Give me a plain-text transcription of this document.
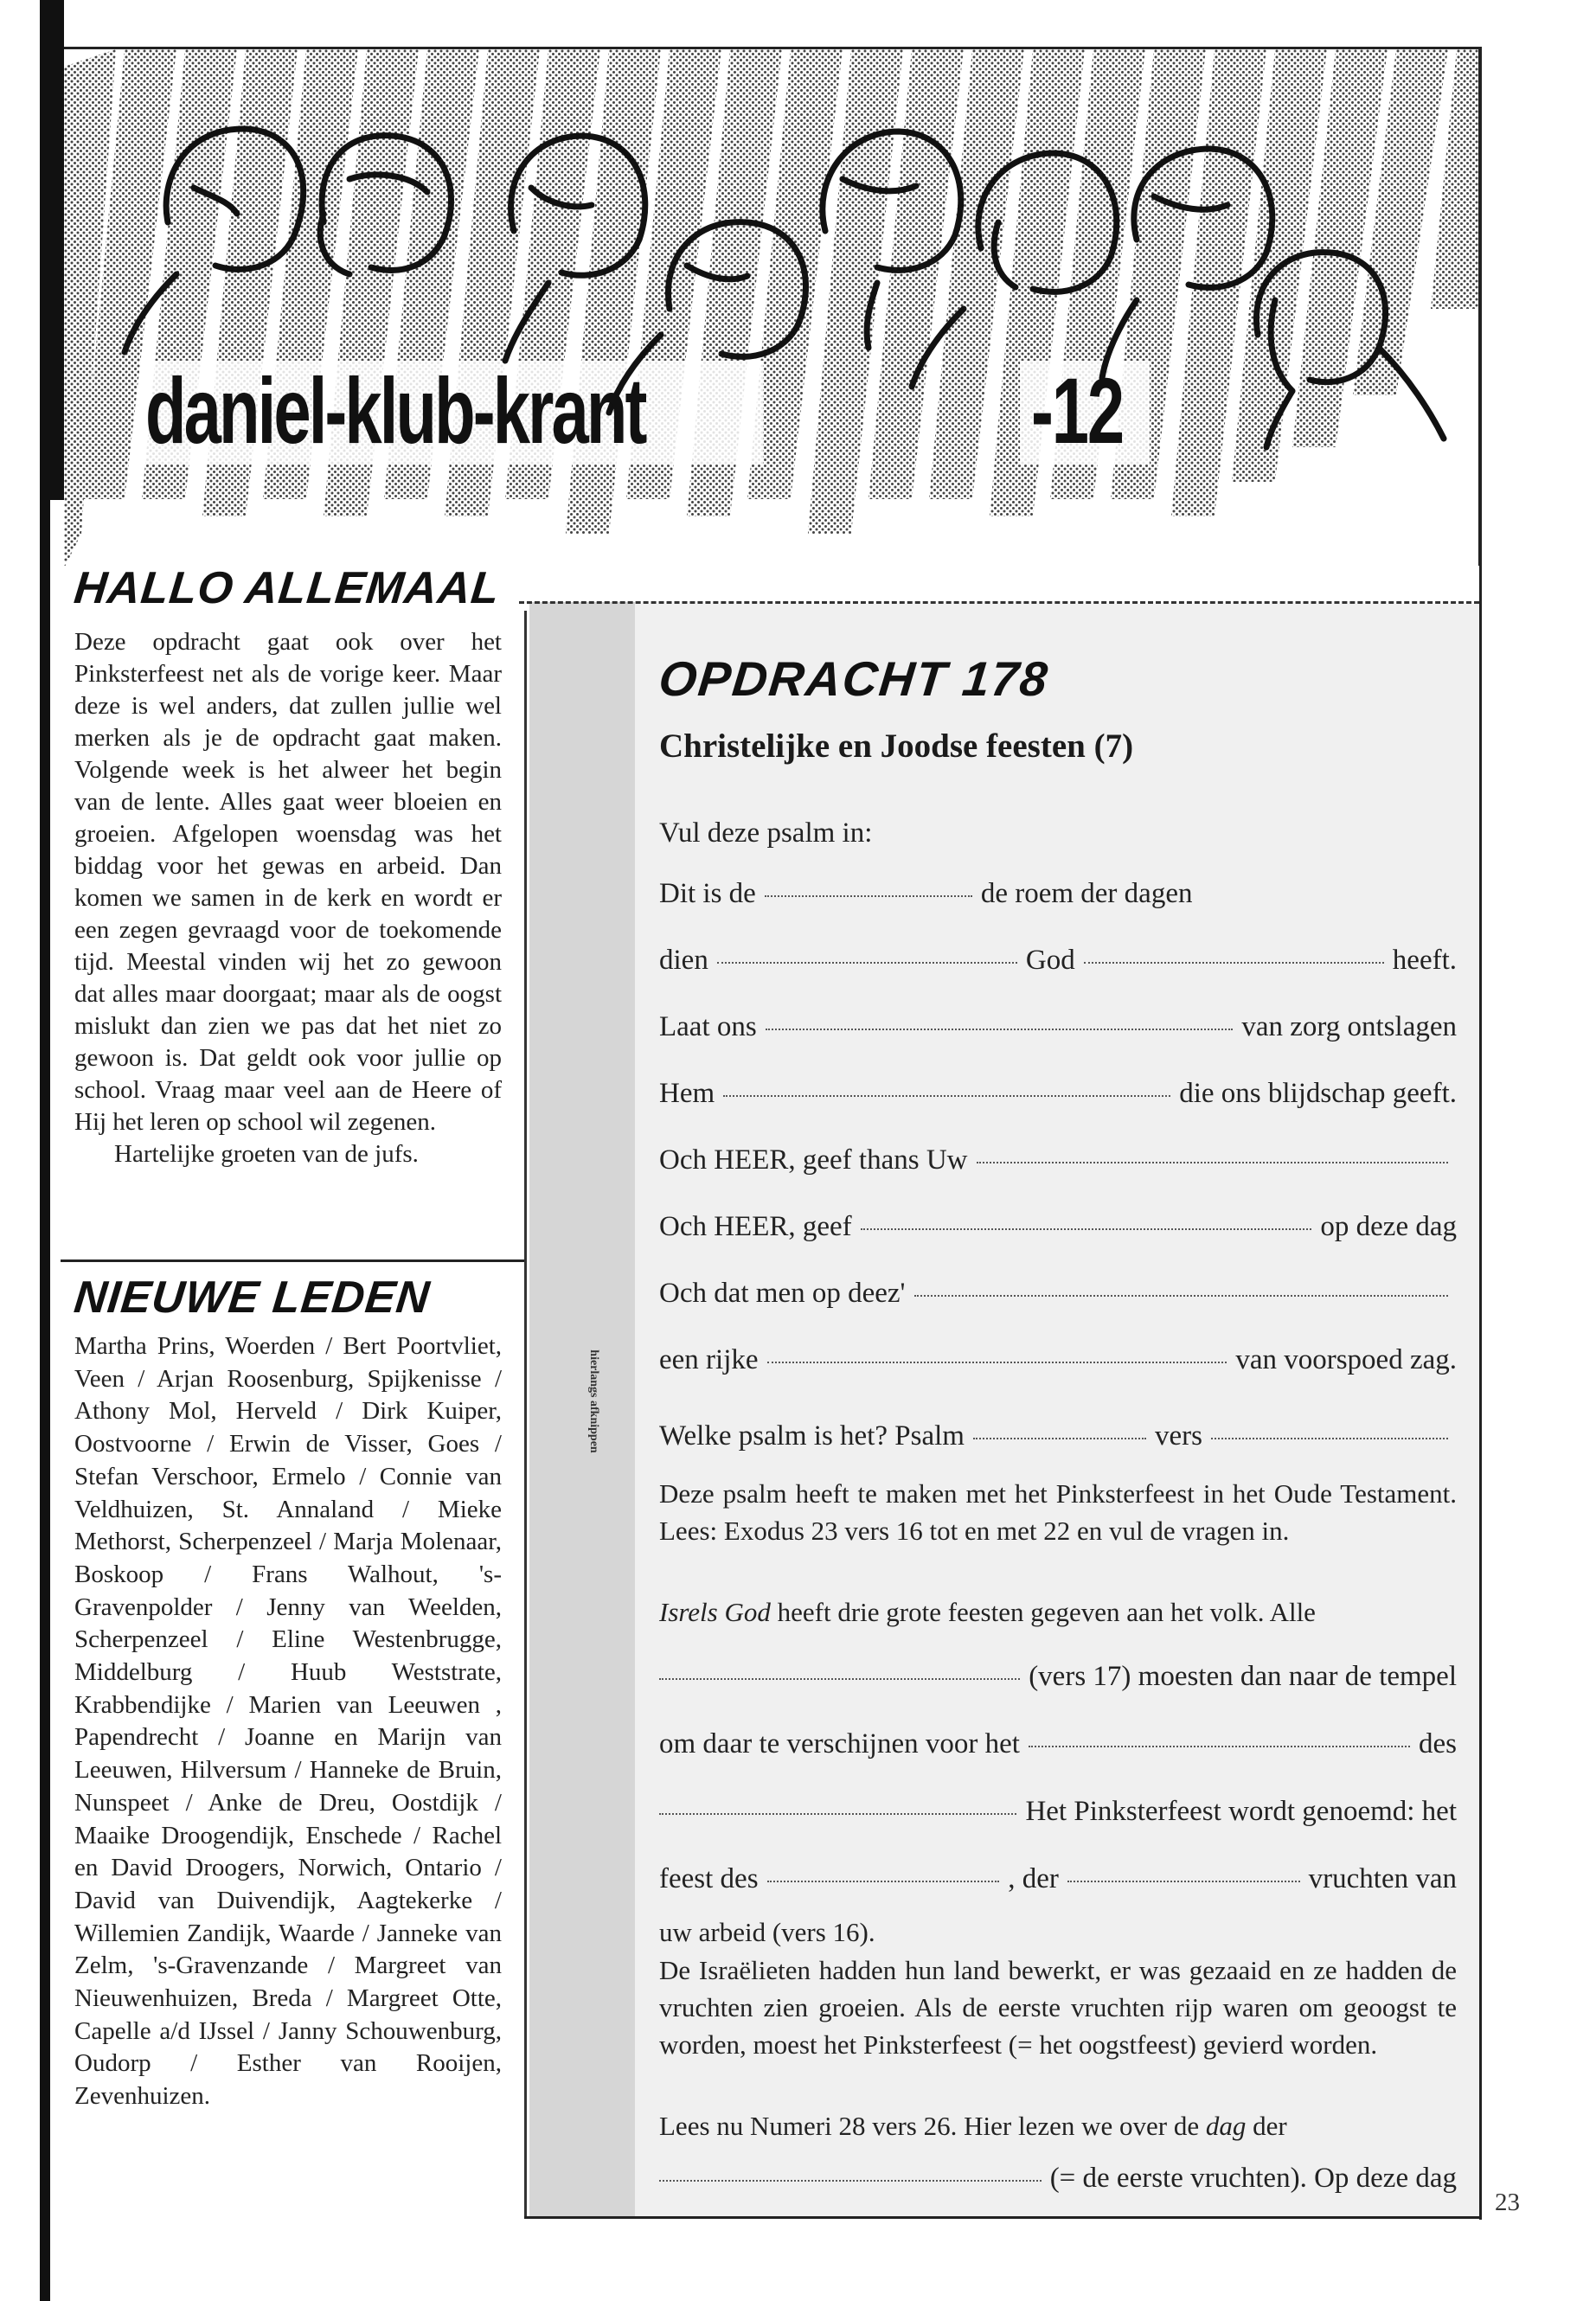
daniel-klub-krant	-12

HALLO ALLEMAAL

Deze opdracht gaat ook over het Pinksterfeest net als de vorige keer. Maar deze is wel anders, dat zullen jullie wel merken als je de opdracht gaat maken. Volgende week is het alweer het begin van de lente. Alles gaat weer bloeien en groeien. Afgelopen woensdag was het biddag voor het gewas en arbeid. Dan komen we samen in de kerk en wordt er een zegen gevraagd voor de toekomende tijd. Meestal vinden wij het zo gewoon dat alles maar doorgaat; maar als de oogst mislukt dan zien we pas dat het niet zo gewoon is. Dat geldt ook voor jullie op school. Vraag maar veel aan de Heere of Hij het leren op school wil zegenen.

Hartelijke groeten van de jufs.

NIEUWE LEDEN

Martha Prins, Woerden / Bert Poortvliet, Veen / Arjan Roosenburg, Spijkenisse / Athony Mol, Herveld / Dirk Kuiper, Oostvoorne / Erwin de Visser, Goes / Stefan Verschoor, Ermelo / Connie van Veldhuizen, St. Annaland / Mieke Methorst, Scherpenzeel / Marja Molenaar, Boskoop / Frans Walhout, 's-Gravenpolder / Jenny van Weelden, Scherpenzeel / Eline Westenbrugge, Middelburg / Huub Weststrate, Krabbendijke / Marien van Leeuwen , Papendrecht / Joanne en Marijn van Leeuwen, Hilversum / Hanneke de Bruin, Nunspeet / Anke de Dreu, Oostdijk / Maaike Droogendijk, Enschede / Rachel en David Droogers, Norwich, Ontario / David van Duivendijk, Aagtekerke / Willemien Zandijk, Waarde / Janneke van Zelm, 's-Gravenzande / Margreet van Nieuwenhuizen, Breda / Margreet Otte, Capelle a/d IJssel / Janny Schouwenburg, Oudorp / Esther van Rooijen, Zevenhuizen.

hierlangs afknippen
OPDRACHT 178

Christelijke en Joodse feesten (7)

Vul deze psalm in:

Dit is de	de roem der dagen
dien	God	heeft.
Laat ons	van zorg ontslagen
Hem	die ons blijdschap geeft.
Och HEER, geef thans Uw
Och HEER, geef	op deze dag
Och dat men op deez'
een rijke	van voorspoed zag.
Welke psalm is het? Psalm	vers

Deze psalm heeft te maken met het Pinksterfeest in het Oude Testament. Lees: Exodus 23 vers 16 tot en met 22 en vul de vragen in.

Isrels God heeft drie grote feesten gegeven aan het volk. Alle

(vers 17) moesten dan naar de tempel
om daar te verschijnen voor het	des
Het Pinksterfeest wordt genoemd: het
feest des	, der	vruchten van

uw arbeid (vers 16).

De Israëlieten hadden hun land bewerkt, er was gezaaid en ze hadden de vruchten zien groeien. Als de eerste vruchten rijp waren om geoogst te worden, moest het Pinksterfeest (= het oogstfeest) gevierd worden.

Lees nu Numeri 28 vers 26. Hier lezen we over de dag der

(= de eerste vruchten). Op deze dag

23
